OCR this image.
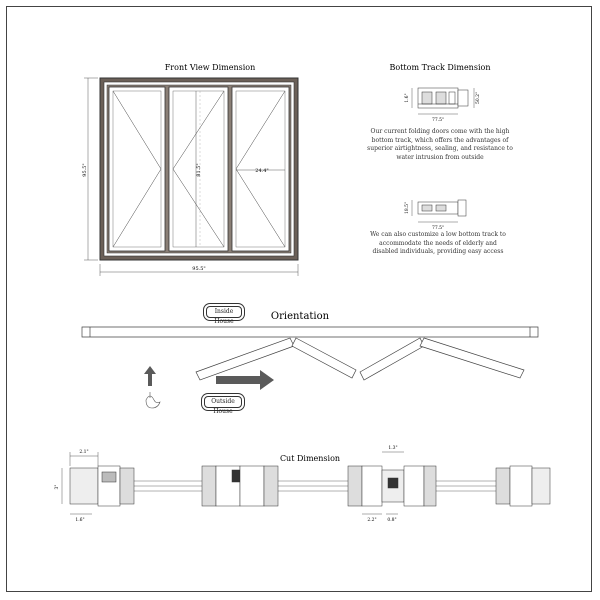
Front View Dimension
95.5"	81.5"	24.4"
95.5"
Bottom Track Dimension
1.6"	50.2"
77.5"
18.5"
77.5"
Orientation
Cut Dimension
2.1"
3"
1.6"
1.3"
2.2" 0.8"
Our current folding doors come with the high bottom track, which offers the advantages of superior airtightness, sealing, and resistance to water intrusion from outside
We can also customize a low bottom track to accommodate the needs of elderly and disabled individuals, providing easy access
Inside House
Outside House
